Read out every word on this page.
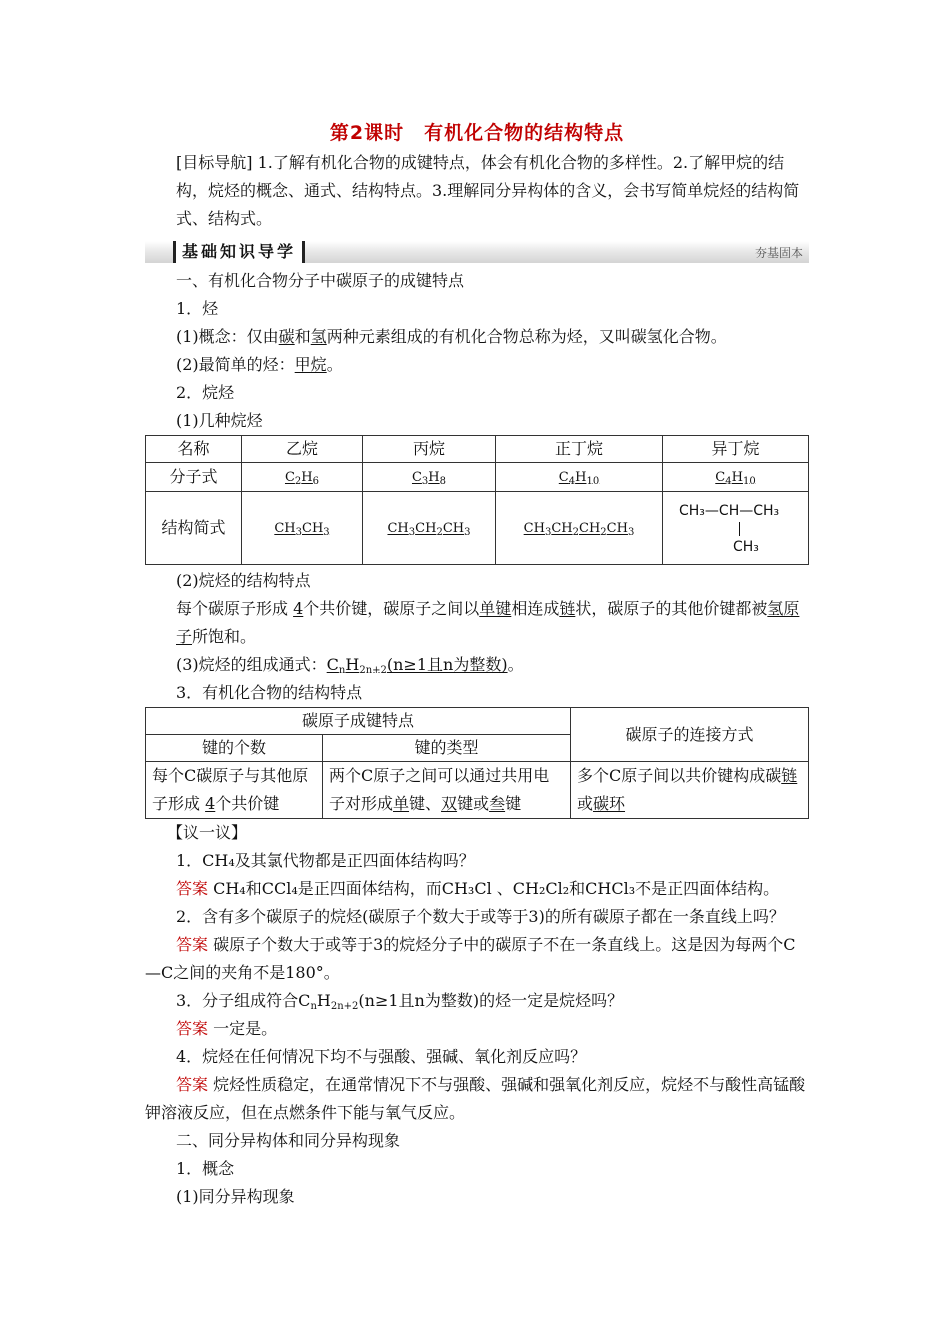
第2课时　有机化合物的结构特点

[目标导航] 1.了解有机化合物的成键特点，体会有机化合物的多样性。2.了解甲烷的结构，烷烃的概念、通式、结构特点。3.理解同分异构体的含义，会书写简单烷烃的结构简式、结构式。

基础知识导学	夯基固本

一、有机化合物分子中碳原子的成键特点

1．烃

(1)概念：仅由碳和氢两种元素组成的有机化合物总称为烃，又叫碳氢化合物。

(2)最简单的烃：甲烷。

2．烷烃

(1)几种烷烃

名称	乙烷	丙烷	正丁烷	异丁烷
分子式	$C_2H_6$	$C_3H_8$	$C_4H_{10}$	$C_4H_{10}$
结构简式	$CH_3CH_3$	$CH_3CH_2CH_3$	$CH_3CH_2CH_2CH_3$	CH₃—CH—CH₃
CH₃

(2)烷烃的结构特点

每个碳原子形成 4个共价键，碳原子之间以单键相连成链状，碳原子的其他价键都被氢原子所饱和。

(3)烷烃的组成通式：$C_nH_{2n+2}(n\ge 1$且n为整数)。

3．有机化合物的结构特点

碳原子成键特点		碳原子的连接方式
键的个数	键的类型	
每个C碳原子与其他原子形成 4个共价键	两个C原子之间可以通过共用电子对形成单键、双键或叁键	多个C原子间以共价键构成碳链或碳环

【议一议】

1．CH₄及其氯代物都是正四面体结构吗？

答案 CH₄和CCl₄是正四面体结构，而CH₃Cl 、CH₂Cl₂和CHCl₃不是正四面体结构。

2．含有多个碳原子的烷烃(碳原子个数大于或等于3)的所有碳原子都在一条直线上吗？

答案 碳原子个数大于或等于3的烷烃分子中的碳原子不在一条直线上。这是因为每两个C—C之间的夹角不是180°。

3．分子组成符合$C_nH_{2n+2}(n\ge 1$且n为整数)的烃一定是烷烃吗？

答案 一定是。

4．烷烃在任何情况下均不与强酸、强碱、氧化剂反应吗？

答案 烷烃性质稳定，在通常情况下不与强酸、强碱和强氧化剂反应，烷烃不与酸性高锰酸钾溶液反应，但在点燃条件下能与氧气反应。

二、同分异构体和同分异构现象

1．概念

(1)同分异构现象
